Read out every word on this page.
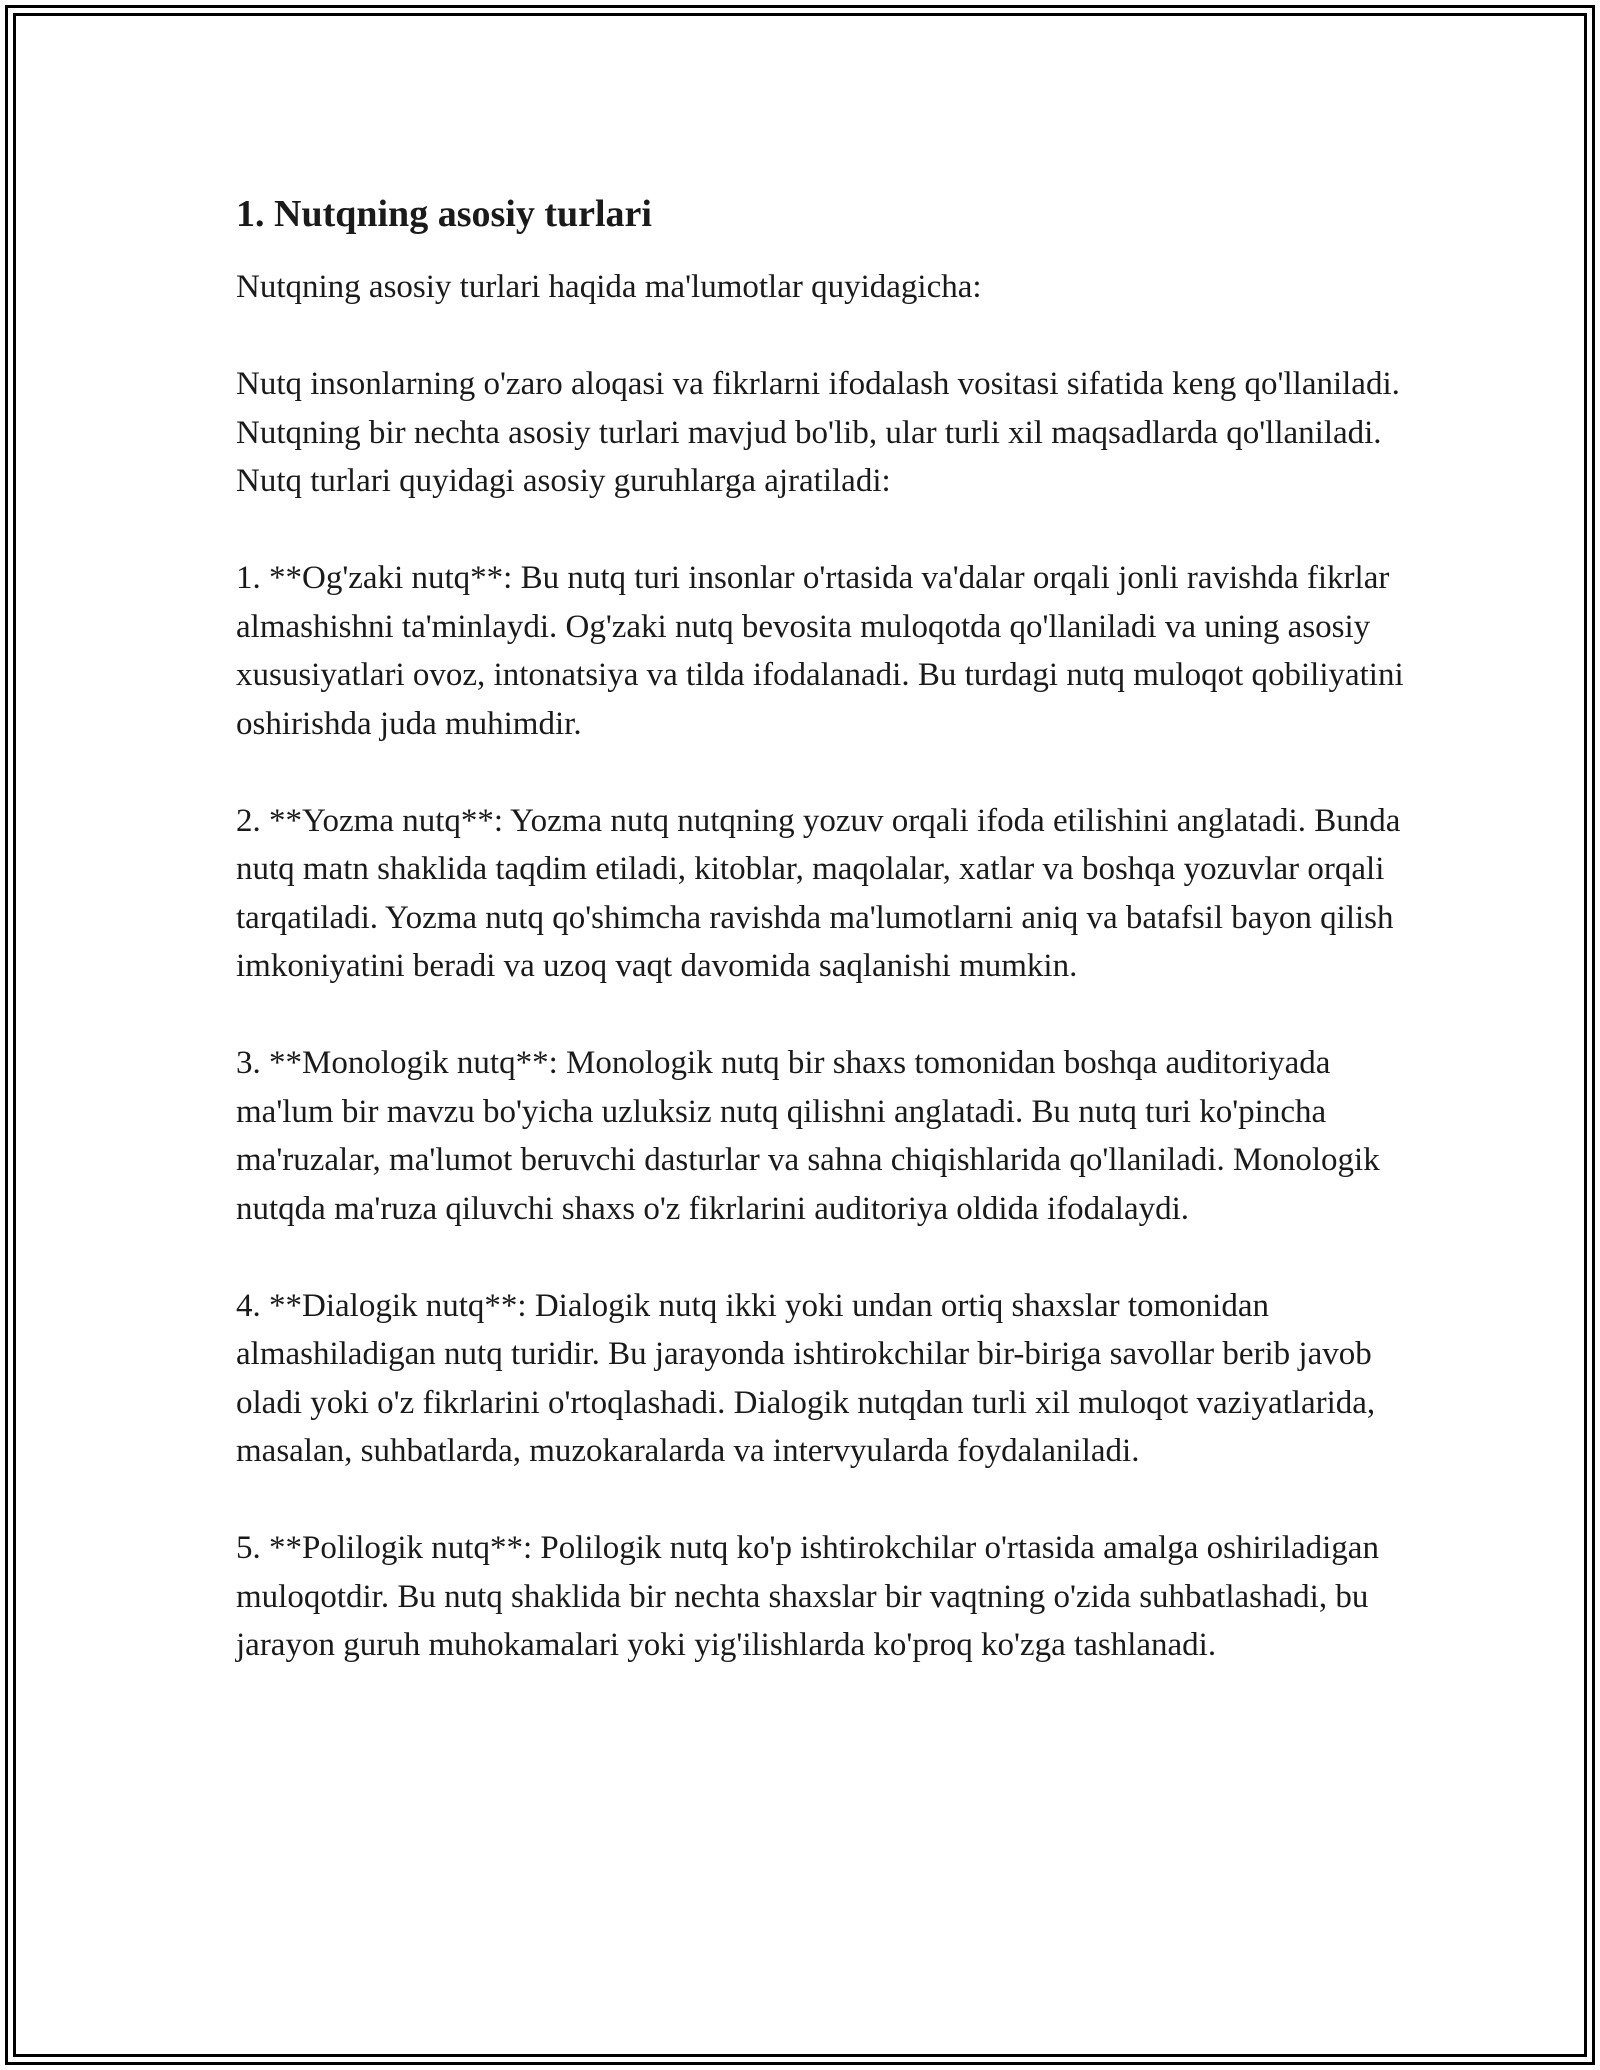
1. Nutqning asosiy turlari

Nutqning asosiy turlari haqida ma'lumotlar quyidagicha:

Nutq insonlarning o'zaro aloqasi va fikrlarni ifodalash vositasi sifatida keng qo'llaniladi. Nutqning bir nechta asosiy turlari mavjud bo'lib, ular turli xil maqsadlarda qo'llaniladi. Nutq turlari quyidagi asosiy guruhlarga ajratiladi:

1. **Og'zaki nutq**: Bu nutq turi insonlar o'rtasida va'dalar orqali jonli ravishda fikrlar almashishni ta'minlaydi. Og'zaki nutq bevosita muloqotda qo'llaniladi va uning asosiy xususiyatlari ovoz, intonatsiya va tilda ifodalanadi. Bu turdagi nutq muloqot qobiliyatini oshirishda juda muhimdir.

2. **Yozma nutq**: Yozma nutq nutqning yozuv orqali ifoda etilishini anglatadi. Bunda nutq matn shaklida taqdim etiladi, kitoblar, maqolalar, xatlar va boshqa yozuvlar orqali tarqatiladi. Yozma nutq qo'shimcha ravishda ma'lumotlarni aniq va batafsil bayon qilish imkoniyatini beradi va uzoq vaqt davomida saqlanishi mumkin.

3. **Monologik nutq**: Monologik nutq bir shaxs tomonidan boshqa auditoriyada ma'lum bir mavzu bo'yicha uzluksiz nutq qilishni anglatadi. Bu nutq turi ko'pincha ma'ruzalar, ma'lumot beruvchi dasturlar va sahna chiqishlarida qo'llaniladi. Monologik nutqda ma'ruza qiluvchi shaxs o'z fikrlarini auditoriya oldida ifodalaydi.

4. **Dialogik nutq**: Dialogik nutq ikki yoki undan ortiq shaxslar tomonidan almashiladigan nutq turidir. Bu jarayonda ishtirokchilar bir-biriga savollar berib javob oladi yoki o'z fikrlarini o'rtoqlashadi. Dialogik nutqdan turli xil muloqot vaziyatlarida, masalan, suhbatlarda, muzokaralarda va intervyularda foydalaniladi.

5. **Polilogik nutq**: Polilogik nutq ko'p ishtirokchilar o'rtasida amalga oshiriladigan muloqotdir. Bu nutq shaklida bir nechta shaxslar bir vaqtning o'zida suhbatlashadi, bu jarayon guruh muhokamalari yoki yig'ilishlarda ko'proq ko'zga tashlanadi.
